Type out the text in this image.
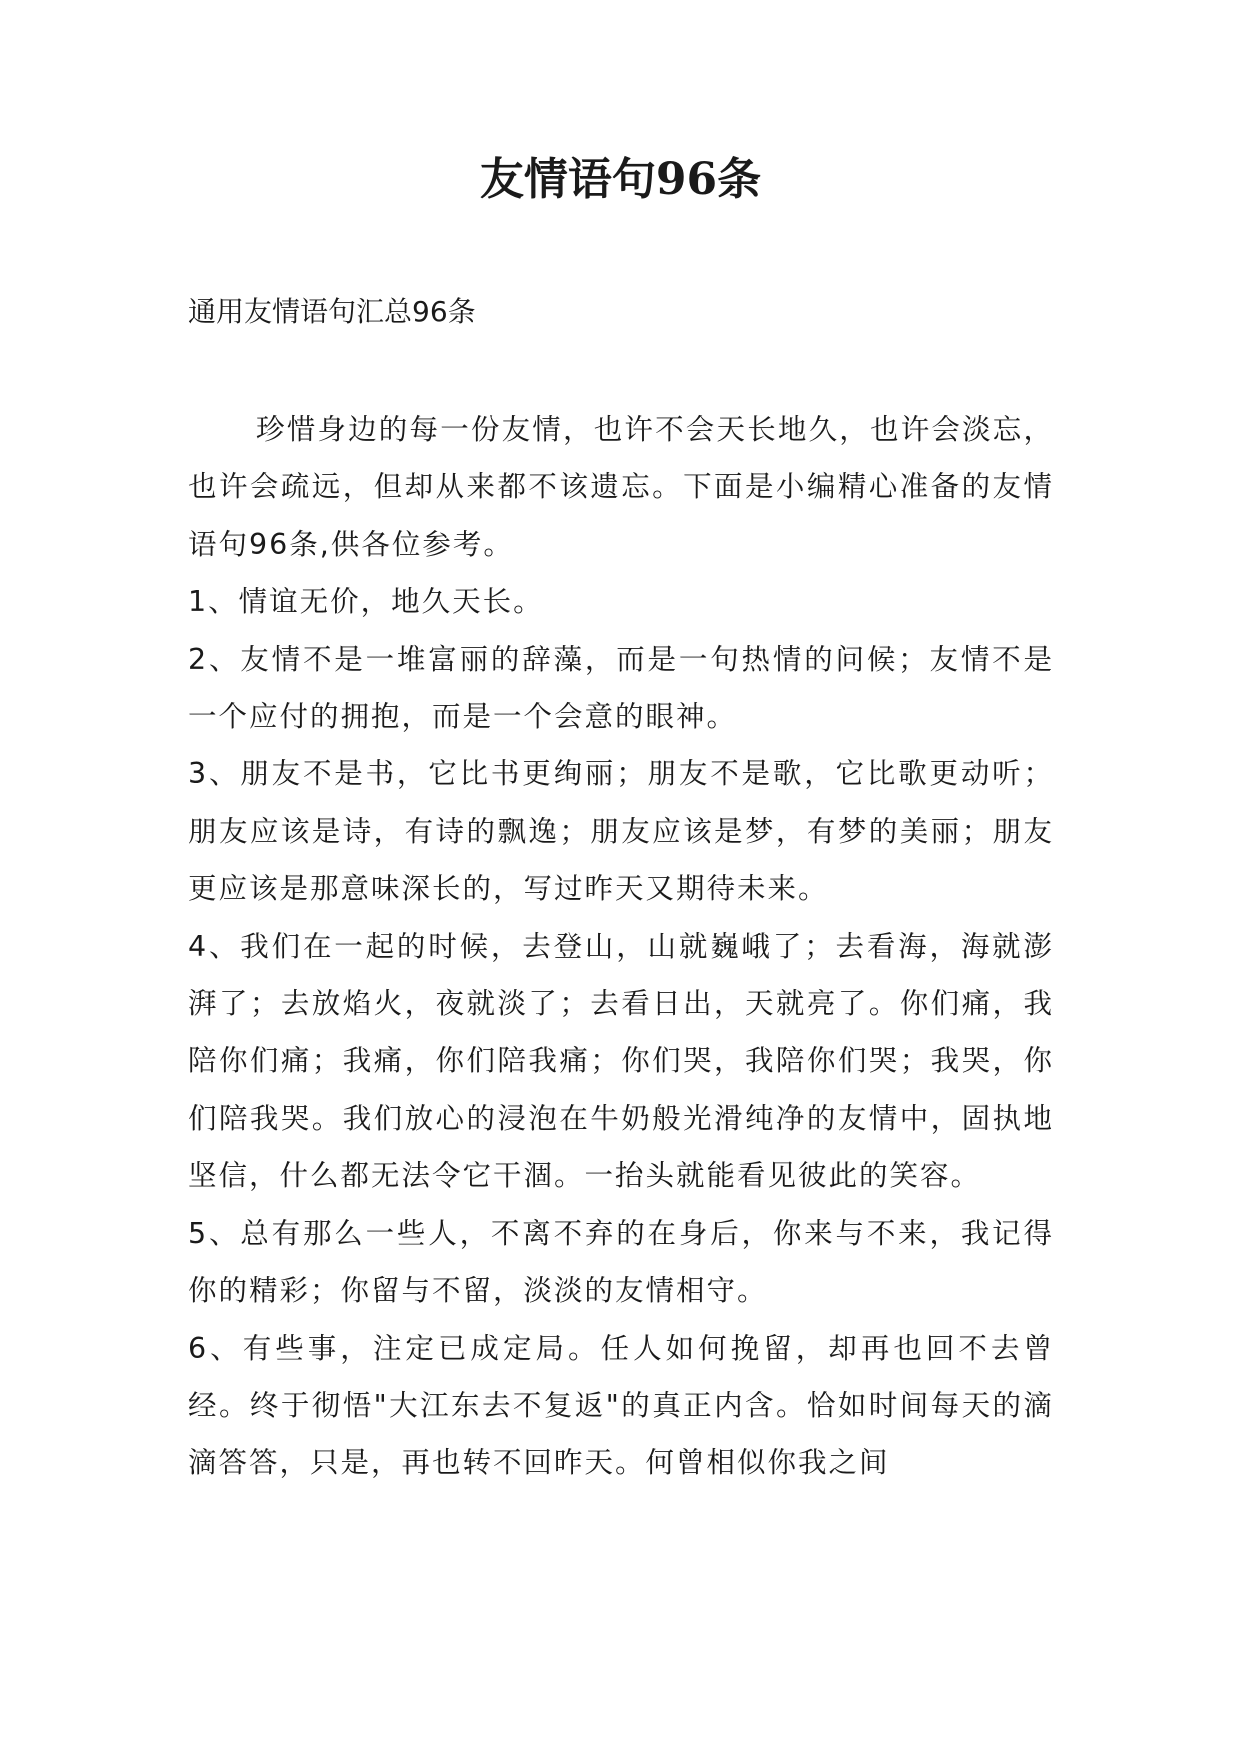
友情语句96条

通用友情语句汇总96条

珍惜身边的每一份友情，也许不会天长地久，也许会淡忘，也许会疏远，但却从来都不该遗忘。下面是小编精心准备的友情语句96条,供各位参考。

1、情谊无价，地久天长。

2、友情不是一堆富丽的辞藻，而是一句热情的问候；友情不是一个应付的拥抱，而是一个会意的眼神。

3、朋友不是书，它比书更绚丽；朋友不是歌，它比歌更动听；朋友应该是诗，有诗的飘逸；朋友应该是梦，有梦的美丽；朋友更应该是那意味深长的，写过昨天又期待未来。

4、我们在一起的时候，去登山，山就巍峨了；去看海，海就澎湃了；去放焰火，夜就淡了；去看日出，天就亮了。你们痛，我陪你们痛；我痛，你们陪我痛；你们哭，我陪你们哭；我哭，你们陪我哭。我们放心的浸泡在牛奶般光滑纯净的友情中，固执地坚信，什么都无法令它干涸。一抬头就能看见彼此的笑容。

5、总有那么一些人，不离不弃的在身后，你来与不来，我记得你的精彩；你留与不留，淡淡的友情相守。

6、有些事，注定已成定局。任人如何挽留，却再也回不去曾经。终于彻悟"大江东去不复返"的真正内含。恰如时间每天的滴滴答答，只是，再也转不回昨天。何曾相似你我之间
